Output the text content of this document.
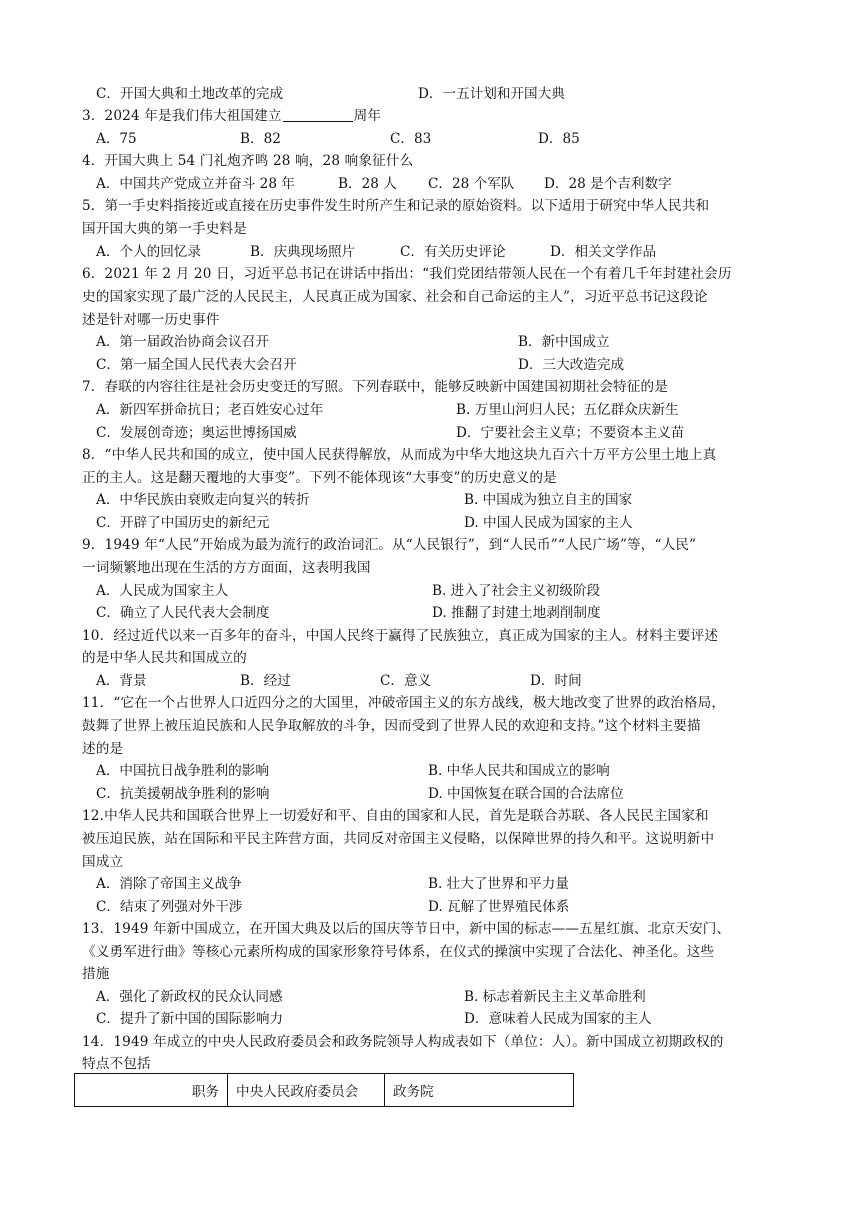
C．开国大典和土地改革的完成	D．一五计划和开国大典
3．2024 年是我们伟大祖国建立	周年
A．75	B．82	C．83	D．85
4．开国大典上 54 门礼炮齐鸣 28 响，28 响象征什么
A．中国共产党成立并奋斗 28 年	B．28 人 C．28 个军队 D．28 是个吉利数字
5．第一手史料指接近或直接在历史事件发生时所产生和记录的原始资料。以下适用于研究中华人民共和
国开国大典的第一手史料是
A．个人的回忆录	B．庆典现场照片	C．有关历史评论	D．相关文学作品
6．2021 年 2 月 20 日，习近平总书记在讲话中指出：“我们党团结带领人民在一个有着几千年封建社会历
史的国家实现了最广泛的人民民主，人民真正成为国家、社会和自己命运的主人”，习近平总书记这段论
述是针对哪一历史事件
A．第一届政治协商会议召开	B．新中国成立
C．第一届全国人民代表大会召开	D．三大改造完成
7．春联的内容往往是社会历史变迁的写照。下列春联中，能够反映新中国建国初期社会特征的是
A．新四军拼命抗日；老百姓安心过年	B. 万里山河归人民；五亿群众庆新生
C．发展创奇迹；奥运世博扬国威	D．宁要社会主义草；不要资本主义苗
8．“中华人民共和国的成立，使中国人民获得解放，从而成为中华大地这块九百六十万平方公里土地上真
正的主人。这是翻天覆地的大事变”。下列不能体现该“大事变”的历史意义的是
A．中华民族由衰败走向复兴的转折	B. 中国成为独立自主的国家
C．开辟了中国历史的新纪元	D. 中国人民成为国家的主人
9．1949 年“人民”开始成为最为流行的政治词汇。从“人民银行”，到“人民币”“人民广场”等，“人民”
一词频繁地出现在生活的方方面面，这表明我国
A．人民成为国家主人	B. 进入了社会主义初级阶段
C．确立了人民代表大会制度	D. 推翻了封建土地剥削制度
10．经过近代以来一百多年的奋斗，中国人民终于赢得了民族独立，真正成为国家的主人。材料主要评述
的是中华人民共和国成立的
A．背景	B．经过	C．意义	D．时间
11．“它在一个占世界人口近四分之的大国里，冲破帝国主义的东方战线，极大地改变了世界的政治格局，
鼓舞了世界上被压迫民族和人民争取解放的斗争，因而受到了世界人民的欢迎和支持。”这个材料主要描
述的是
A．中国抗日战争胜利的影响	B. 中华人民共和国成立的影响
C．抗美援朝战争胜利的影响	D. 中国恢复在联合国的合法席位
12.中华人民共和国联合世界上一切爱好和平、自由的国家和人民，首先是联合苏联、各人民民主国家和
被压迫民族，站在国际和平民主阵营方面，共同反对帝国主义侵略，以保障世界的持久和平。这说明新中
国成立
A．消除了帝国主义战争	B. 壮大了世界和平力量
C．结束了列强对外干涉	D. 瓦解了世界殖民体系
13．1949 年新中国成立，在开国大典及以后的国庆等节日中，新中国的标志——五星红旗、北京天安门、
《义勇军进行曲》等核心元素所构成的国家形象符号体系，在仪式的操演中实现了合法化、神圣化。这些
措施
A．强化了新政权的民众认同感	B. 标志着新民主主义革命胜利
C．提升了新中国的国际影响力	D．意味着人民成为国家的主人
14．1949 年成立的中央人民政府委员会和政务院领导人构成表如下（单位：人）。新中国成立初期政权的
特点不包括
职务	中央人民政府委员会	政务院
